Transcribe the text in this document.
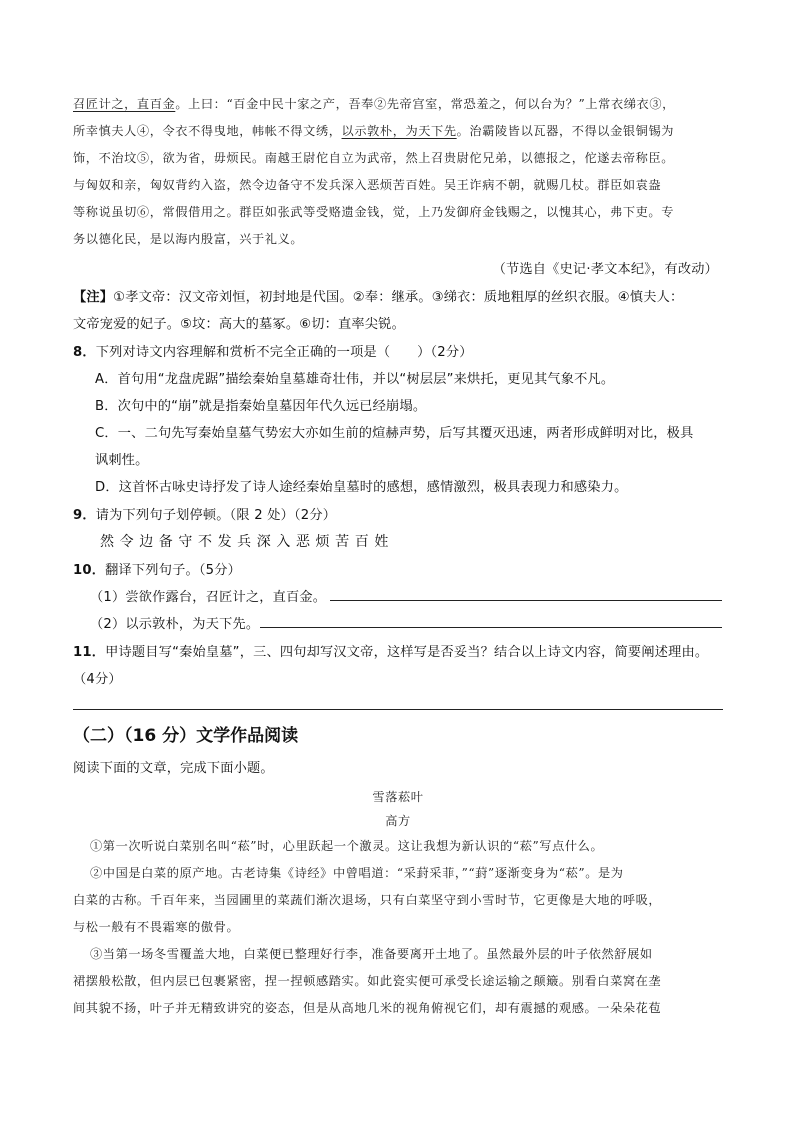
召匠计之，直百金。上曰：“百金中民十家之产，吾奉②先帝宫室，常恐羞之，何以台为？”上常衣绨衣③，
所幸慎夫人④，令衣不得曳地，帏帐不得文绣，以示敦朴，为天下先。治霸陵皆以瓦器，不得以金银铜锡为
饰，不治坟⑤，欲为省，毋烦民。南越王尉佗自立为武帝，然上召贵尉佗兄弟，以德报之，佗遂去帝称臣。
与匈奴和亲，匈奴背约入盗，然令边备守不发兵深入恶烦苦百姓。吴王诈病不朝，就赐几杖。群臣如袁盎
等称说虽切⑥，常假借用之。群臣如张武等受赂遗金钱，觉，上乃发御府金钱赐之，以愧其心，弗下吏。专
务以德化民，是以海内殷富，兴于礼义。
（节选自《史记·孝文本纪》，有改动）
【注】①孝文帝：汉文帝刘恒，初封地是代国。②奉：继承。③绨衣：质地粗厚的丝织衣服。④慎夫人：
文帝宠爱的妃子。⑤坟：高大的墓冢。⑥切：直率尖锐。
8．下列对诗文内容理解和赏析不完全正确的一项是（　　）（2分）
A．首句用“龙盘虎踞”描绘秦始皇墓雄奇壮伟，并以“树层层”来烘托，更见其气象不凡。
B．次句中的“崩”就是指秦始皇墓因年代久远已经崩塌。
C．一、二句先写秦始皇墓气势宏大亦如生前的煊赫声势，后写其覆灭迅速，两者形成鲜明对比，极具
讽刺性。
D．这首怀古咏史诗抒发了诗人途经秦始皇墓时的感想，感情激烈，极具表现力和感染力。
9．请为下列句子划停顿。（限 2 处）（2分）
然 令 边 备 守 不 发 兵 深 入 恶 烦 苦 百 姓
10．翻译下列句子。（5分）
（1）尝欲作露台，召匠计之，直百金。
（2）以示敦朴，为天下先。
11．甲诗题目写“秦始皇墓”，三、四句却写汉文帝，这样写是否妥当？结合以上诗文内容，简要阐述理由。
（4分）
（二）（16 分）文学作品阅读
阅读下面的文章，完成下面小题。
雪落菘叶
高方
①第一次听说白菜别名叫“菘”时，心里跃起一个激灵。这让我想为新认识的“菘”写点什么。
②中国是白菜的原产地。古老诗集《诗经》中曾唱道：“采葑采菲，”“葑”逐渐变身为“菘”。是为
白菜的古称。千百年来，当园圃里的菜蔬们渐次退场，只有白菜坚守到小雪时节，它更像是大地的呼吸，
与松一般有不畏霜寒的傲骨。
③当第一场冬雪覆盖大地，白菜便已整理好行李，准备要离开土地了。虽然最外层的叶子依然舒展如
裙摆般松散，但内层已包裹紧密，捏一捏顿感踏实。如此瓷实便可承受长途运输之颠簸。别看白菜窝在垄
间其貌不扬，叶子并无精致讲究的姿态，但是从高地几米的视角俯视它们，却有震撼的观感。一朵朵花苞
